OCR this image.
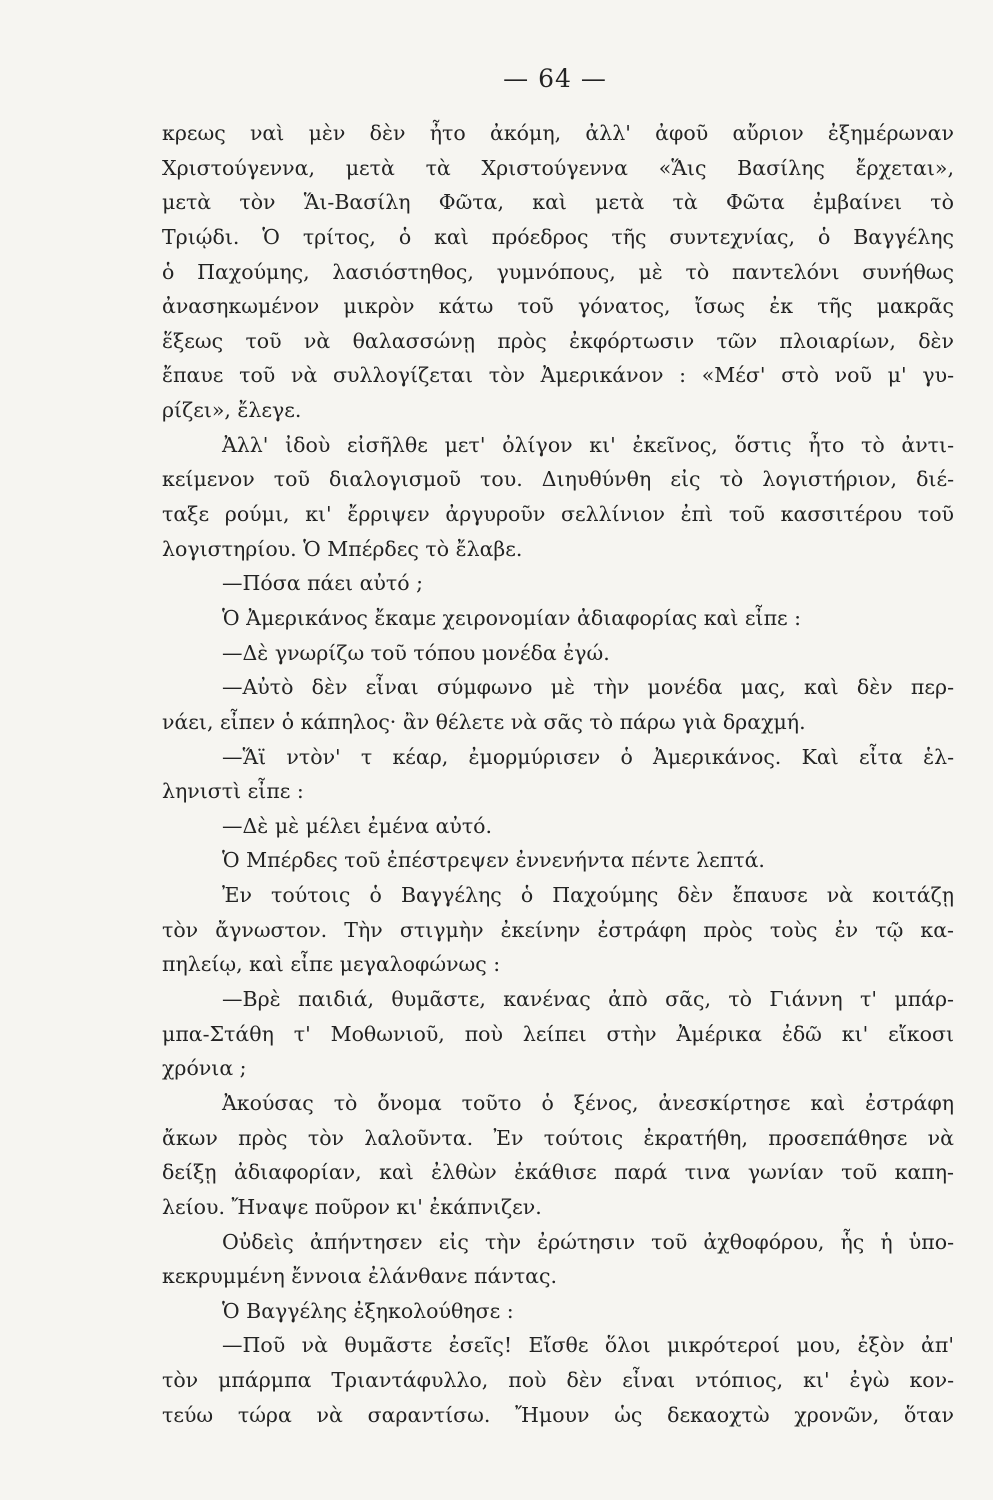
— 64 —
κρεως ναὶ μὲν δὲν ἦτο ἀκόμη, ἀλλ' ἀφοῦ αὔριον ἐξημέρωναν
Χριστούγεννα, μετὰ τὰ Χριστούγεννα «Ἅις Βασίλης ἔρχεται»,
μετὰ τὸν Ἅι-Βασίλη Φῶτα, καὶ μετὰ τὰ Φῶτα ἐμβαίνει τὸ
Τριῴδι. Ὁ τρίτος, ὁ καὶ πρόεδρος τῆς συντεχνίας, ὁ Βαγγέλης
ὁ Παχούμης, λασιόστηθος, γυμνόπους, μὲ τὸ παντελόνι συνήθως
ἀνασηκωμένον μικρὸν κάτω τοῦ γόνατος, ἴσως ἐκ τῆς μακρᾶς
ἕξεως τοῦ νὰ θαλασσώνῃ πρὸς ἐκφόρτωσιν τῶν πλοιαρίων, δὲν
ἔπαυε τοῦ νὰ συλλογίζεται τὸν Ἀμερικάνον : «Μέσ' στὸ νοῦ μ' γυ-
ρίζει», ἔλεγε.
Ἀλλ' ἰδοὺ εἰσῆλθε μετ' ὀλίγον κι' ἐκεῖνος, ὅστις ἦτο τὸ ἀντι-
κείμενον τοῦ διαλογισμοῦ του. Διηυθύνθη εἰς τὸ λογιστήριον, διέ-
ταξε ρούμι, κι' ἔρριψεν ἀργυροῦν σελλίνιον ἐπὶ τοῦ κασσιτέρου τοῦ
λογιστηρίου. Ὁ Μπέρδες τὸ ἔλαβε.
—Πόσα πάει αὐτό ;
Ὁ Ἀμερικάνος ἔκαμε χειρονομίαν ἀδιαφορίας καὶ εἶπε :
—Δὲ γνωρίζω τοῦ τόπου μονέδα ἐγώ.
—Αὐτὸ δὲν εἶναι σύμφωνο μὲ τὴν μονέδα μας, καὶ δὲν περ-
νάει, εἶπεν ὁ κάπηλος· ἂν θέλετε νὰ σᾶς τὸ πάρω γιὰ δραχμή.
—Ἅϊ ντὸν' τ κέαρ, ἐμορμύρισεν ὁ Ἀμερικάνος. Καὶ εἶτα ἑλ-
ληνιστὶ εἶπε :
—Δὲ μὲ μέλει ἐμένα αὐτό.
Ὁ Μπέρδες τοῦ ἐπέστρεψεν ἐννενήντα πέντε λεπτά.
Ἐν τούτοις ὁ Βαγγέλης ὁ Παχούμης δὲν ἔπαυσε νὰ κοιτάζῃ
τὸν ἄγνωστον. Τὴν στιγμὴν ἐκείνην ἐστράφη πρὸς τοὺς ἐν τῷ κα-
πηλείῳ, καὶ εἶπε μεγαλοφώνως :
—Βρὲ παιδιά, θυμᾶστε, κανένας ἀπὸ σᾶς, τὸ Γιάννη τ' μπάρ-
μπα-Στάθη τ' Μοθωνιοῦ, ποὺ λείπει στὴν Ἀμέρικα ἐδῶ κι' εἴκοσι
χρόνια ;
Ἀκούσας τὸ ὄνομα τοῦτο ὁ ξένος, ἀνεσκίρτησε καὶ ἐστράφη
ἄκων πρὸς τὸν λαλοῦντα. Ἐν τούτοις ἐκρατήθη, προσεπάθησε νὰ
δείξῃ ἀδιαφορίαν, καὶ ἐλθὼν ἐκάθισε παρά τινα γωνίαν τοῦ καπη-
λείου. Ἤναψε ποῦρον κι' ἐκάπνιζεν.
Οὐδεὶς ἀπήντησεν εἰς τὴν ἐρώτησιν τοῦ ἀχθοφόρου, ἧς ἡ ὑπο-
κεκρυμμένη ἔννοια ἐλάνθανε πάντας.
Ὁ Βαγγέλης ἐξηκολούθησε :
—Ποῦ νὰ θυμᾶστε ἐσεῖς! Εἴσθε ὅλοι μικρότεροί μου, ἐξὸν ἀπ'
τὸν μπάρμπα Τριαντάφυλλο, ποὺ δὲν εἶναι ντόπιος, κι' ἐγὼ κον-
τεύω τώρα νὰ σαραντίσω. Ἤμουν ὡς δεκαοχτὼ χρονῶν, ὅταν
